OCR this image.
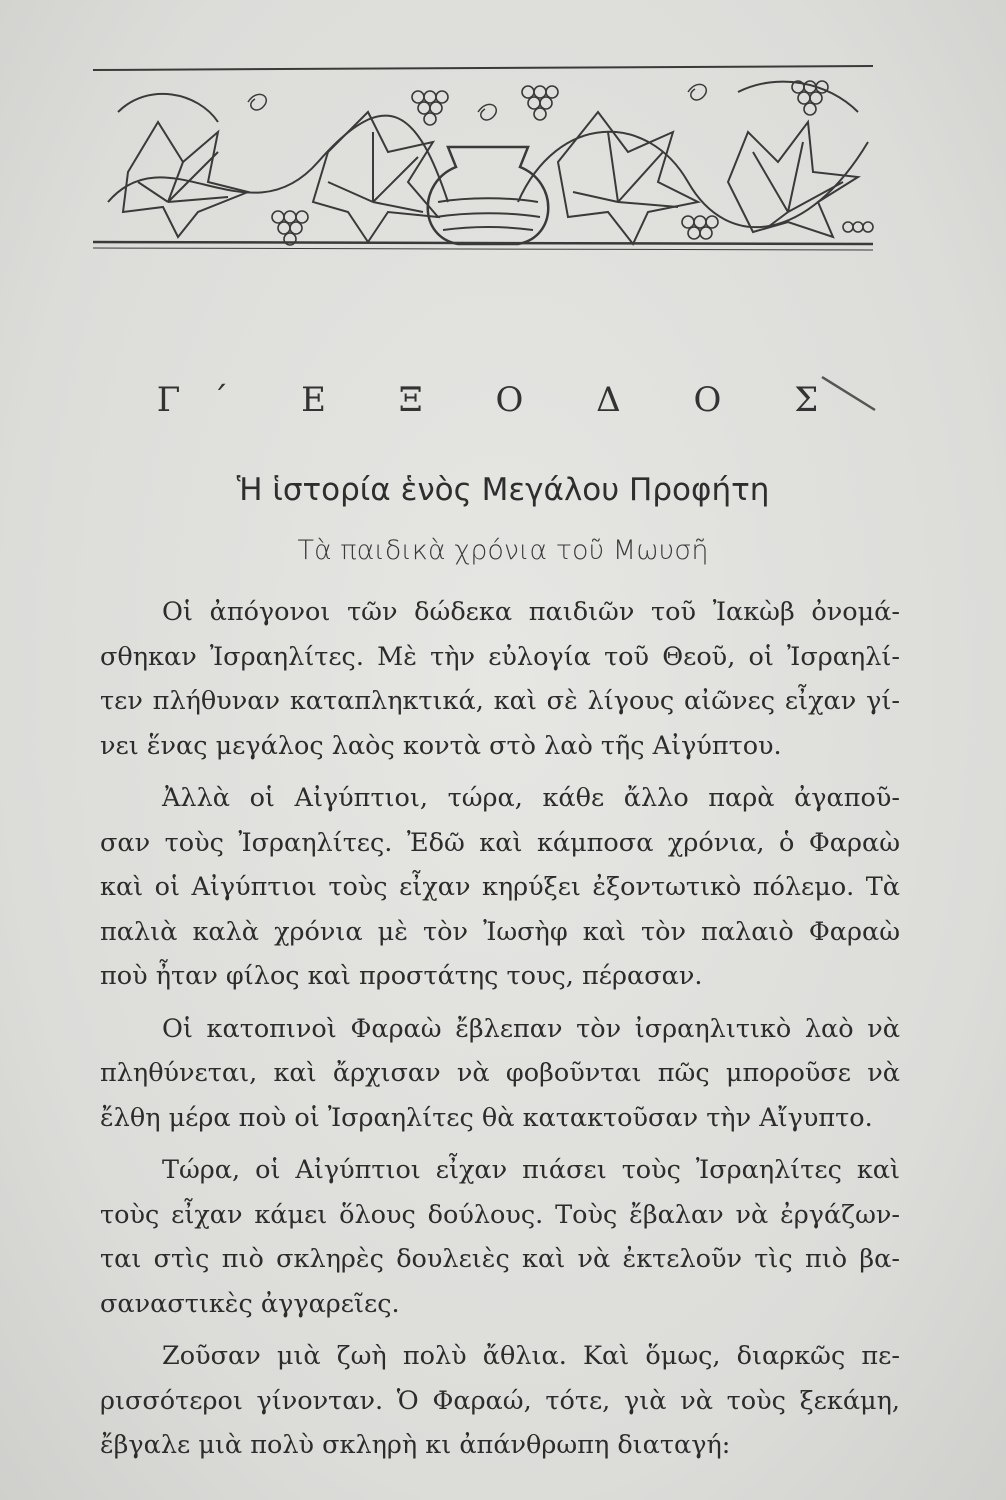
Γ΄ Ε Ξ Ο Δ Ο Σ
Ἡ ἱστορία ἑνὸς Μεγάλου Προφήτη
Τὰ παιδικὰ χρόνια τοῦ Μωυσῆ

Οἱ ἀπόγονοι τῶν δώδεκα παιδιῶν τοῦ Ἰακὼβ ὀνομά-
σθηκαν Ἰσραηλίτες. Μὲ τὴν εὐλογία τοῦ Θεοῦ, οἱ Ἰσραηλί-
τεν πλήθυναν καταπληκτικά, καὶ σὲ λίγους αἰῶνες εἶχαν γί-
νει ἕνας μεγάλος λαὸς κοντὰ στὸ λαὸ τῆς Αἰγύπτου.

Ἀλλὰ οἱ Αἰγύπτιοι, τώρα, κάθε ἄλλο παρὰ ἀγαποῦ-
σαν τοὺς Ἰσραηλίτες. Ἐδῶ καὶ κάμποσα χρόνια, ὁ Φαραὼ
καὶ οἱ Αἰγύπτιοι τοὺς εἶχαν κηρύξει ἐξοντωτικὸ πόλεμο. Τὰ
παλιὰ καλὰ χρόνια μὲ τὸν Ἰωσὴφ καὶ τὸν παλαιὸ Φαραὼ
ποὺ ἦταν φίλος καὶ προστάτης τους, πέρασαν.

Οἱ κατοπινοὶ Φαραὼ ἔβλεπαν τὸν ἰσραηλιτικὸ λαὸ νὰ
πληθύνεται, καὶ ἄρχισαν νὰ φοβοῦνται πῶς μποροῦσε νὰ
ἔλθη μέρα ποὺ οἱ Ἰσραηλίτες θὰ κατακτοῦσαν τὴν Αἴγυπτο.

Τώρα, οἱ Αἰγύπτιοι εἶχαν πιάσει τοὺς Ἰσραηλίτες καὶ
τοὺς εἶχαν κάμει ὅλους δούλους. Τοὺς ἔβαλαν νὰ ἐργάζων-
ται στὶς πιὸ σκληρὲς δουλειὲς καὶ νὰ ἐκτελοῦν τὶς πιὸ βα-
σαναστικὲς ἀγγαρεῖες.

Ζοῦσαν μιὰ ζωὴ πολὺ ἄθλια. Καὶ ὅμως, διαρκῶς πε-
ρισσότεροι γίνονταν. Ὁ Φαραώ, τότε, γιὰ νὰ τοὺς ξεκάμη,
ἔβγαλε μιὰ πολὺ σκληρὴ κι ἀπάνθρωπη διαταγή:
